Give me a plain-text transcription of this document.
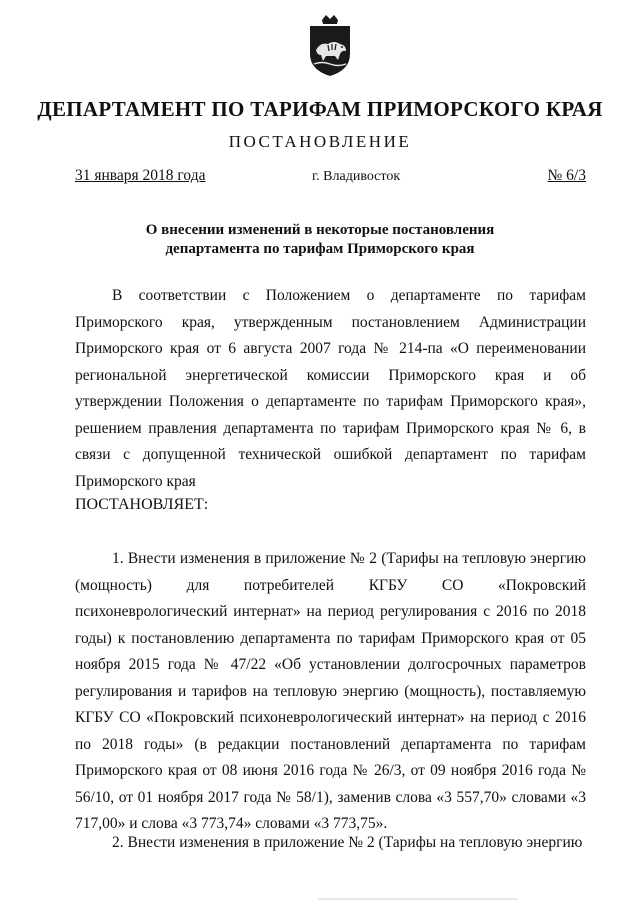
ДЕПАРТАМЕНТ ПО ТАРИФАМ ПРИМОРСКОГО КРАЯ
ПОСТАНОВЛЕНИЕ
31 января 2018 года	г. Владивосток	№ 6/3
О внесении изменений в некоторые постановления
департамента по тарифам Приморского края

В соответствии с Положением о департаменте по тарифам Приморского края, утвержденным постановлением Администрации Приморского края от 6 августа 2007 года № 214-па «О переименовании региональной энергетической комиссии Приморского края и об утверждении Положения о департаменте по тарифам Приморского края», решением правления департамента по тарифам Приморского края № 6, в связи с допущенной технической ошибкой департамент по тарифам Приморского края

ПОСТАНОВЛЯЕТ:

1. Внести изменения в приложение № 2 (Тарифы на тепловую энергию (мощность) для потребителей КГБУ СО «Покровский психоневрологический интернат» на период регулирования с 2016 по 2018 годы) к постановлению департамента по тарифам Приморского края от 05 ноября 2015 года № 47/22 «Об установлении долгосрочных параметров регулирования и тарифов на тепловую энергию (мощность), поставляемую КГБУ СО «Покровский психоневрологический интернат» на период с 2016 по 2018 годы» (в редакции постановлений департамента по тарифам Приморского края от 08 июня 2016 года № 26/3, от 09 ноября 2016 года № 56/10, от 01 ноября 2017 года № 58/1), заменив слова «3 557,70» словами «3 717,00» и слова «3 773,74» словами «3 773,75».

2. Внести изменения в приложение № 2 (Тарифы на тепловую энергию
